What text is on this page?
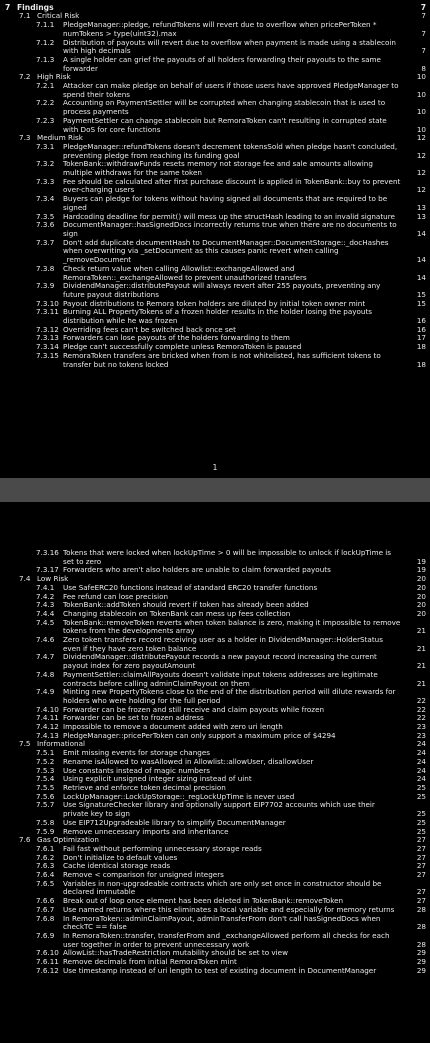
7 Findings	7
7.1 Critical Risk	7
7.1.1 PledgeManager::pledge, refundTokens will revert due to overflow when pricePerToken * numTokens > type(uint32).max	7
7.1.2 Distribution of payouts will revert due to overflow when payment is made using a stablecoin with high decimals	7
7.1.3 A single holder can grief the payouts of all holders forwarding their payouts to the same forwarder	8
7.2 High Risk	10
7.2.1 Attacker can make pledge on behalf of users if those users have approved PledgeManager to spend their tokens	10
7.2.2 Accounting on PaymentSettler will be corrupted when changing stablecoin that is used to process payments	10
7.2.3 PaymentSettler can change stablecoin but RemoraToken can't resulting in corrupted state with DoS for core functions	10
7.3 Medium Risk	12
7.3.1 PledgeManager::refundTokens doesn't decrement tokensSold when pledge hasn't concluded, preventing pledge from reaching its funding goal	12
7.3.2 TokenBank::withdrawFunds resets memory not storage fee and sale amounts allowing multiple withdraws for the same token	12
7.3.3 Fee should be calculated after first purchase discount is applied in TokenBank::buy to prevent over-charging users	12
7.3.4 Buyers can pledge for tokens without having signed all documents that are required to be signed	13
7.3.5 Hardcoding deadline for permit() will mess up the structHash leading to an invalid signature	13
7.3.6 DocumentManager::hasSignedDocs incorrectly returns true when there are no documents to sign	14
7.3.7 Don't add duplicate documentHash to DocumentManager::DocumentStorage::_docHashes when overwriting via _setDocument as this causes panic revert when calling _removeDocument	14
7.3.8 Check return value when calling Allowlist::exchangeAllowed and RemoraToken::_exchangeAllowed to prevent unauthorized transfers	14
7.3.9 DividendManager::distributePayout will always revert after 255 payouts, preventing any future payout distributions	15
7.3.10 Payout distributions to Remora token holders are diluted by initial token owner mint	15
7.3.11 Burning ALL PropertyTokens of a frozen holder results in the holder losing the payouts distribution while he was frozen	16
7.3.12 Overriding fees can't be switched back once set	16
7.3.13 Forwarders can lose payouts of the holders forwarding to them	17
7.3.14 Pledge can't successfully complete unless RemoraToken is paused	18
7.3.15 RemoraToken transfers are bricked when from is not whitelisted, has sufficient tokens to transfer but no tokens locked	18
1
7.3.16 Tokens that were locked when lockUpTime > 0 will be impossible to unlock if lockUpTime is set to zero	19
7.3.17 Forwarders who aren't also holders are unable to claim forwarded payouts	19
7.4 Low Risk	20
7.4.1 Use SafeERC20 functions instead of standard ERC20 transfer functions	20
7.4.2 Fee refund can lose precision	20
7.4.3 TokenBank::addToken should revert if token has already been added	20
7.4.4 Changing stablecoin on TokenBank can mess up fees collection	20
7.4.5 TokenBank::removeToken reverts when token balance is zero, making it impossible to remove tokens from the developments array	21
7.4.6 Zero token transfers record receiving user as a holder in DividendManager::HolderStatus even if they have zero token balance	21
7.4.7 DividendManager::distributePayout records a new payout record increasing the current payout index for zero payoutAmount	21
7.4.8 PaymentSettler::claimAllPayouts doesn't validate input tokens addresses are legitimate contracts before calling adminClaimPayout on them	21
7.4.9 Minting new PropertyTokens close to the end of the distribution period will dilute rewards for holders who were holding for the full period	22
7.4.10 Forwarder can be frozen and still receive and claim payouts while frozen	22
7.4.11 Forwarder can be set to frozen address	22
7.4.12 Impossible to remove a document added with zero uri length	23
7.4.13 PledgeManager::pricePerToken can only support a maximum price of $4294	23
7.5 Informational	24
7.5.1 Emit missing events for storage changes	24
7.5.2 Rename isAllowed to wasAllowed in Allowlist::allowUser, disallowUser	24
7.5.3 Use constants instead of magic numbers	24
7.5.4 Using explicit unsigned integer sizing instead of uint	24
7.5.5 Retrieve and enforce token decimal precision	25
7.5.6 LockUpManager::LockUpStorage::_regLockUpTime is never used	25
7.5.7 Use SignatureChecker library and optionally support EIP7702 accounts which use their private key to sign	25
7.5.8 Use EIP712Upgradeable library to simplify DocumentManager	25
7.5.9 Remove unnecessary imports and inheritance	25
7.6 Gas Optimization	27
7.6.1 Fail fast without performing unnecessary storage reads	27
7.6.2 Don't initialize to default values	27
7.6.3 Cache identical storage reads	27
7.6.4 Remove < comparison for unsigned integers	27
7.6.5 Variables in non-upgradeable contracts which are only set once in constructor should be declared immutable	27
7.6.6 Break out of loop once element has been deleted in TokenBank::removeToken	27
7.6.7 Use named returns where this eliminates a local variable and especially for memory returns	28
7.6.8 In RemoraToken::adminClaimPayout, adminTransferFrom don't call hasSignedDocs when checkTC == false	28
7.6.9 In RemoraToken::transfer, transferFrom and _exchangeAllowed perform all checks for each user together in order to prevent unnecessary work	28
7.6.10 AllowList::hasTradeRestriction mutability should be set to view	29
7.6.11 Remove decimals from initial RemoraToken mint	29
7.6.12 Use timestamp instead of uri length to test of existing document in DocumentManager	29
